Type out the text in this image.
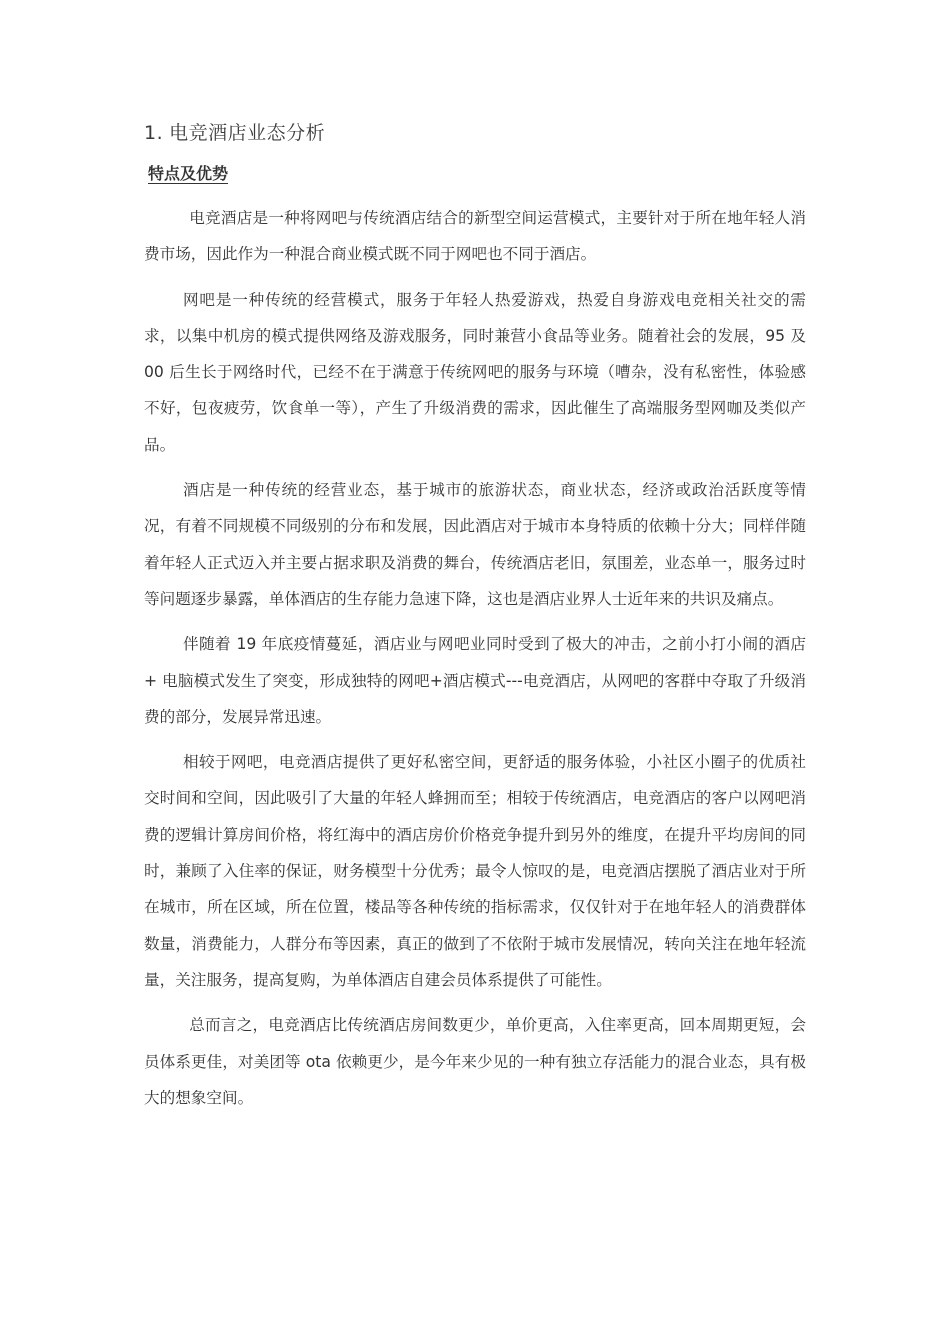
1. 电竞酒店业态分析
特点及优势

电竞酒店是一种将网吧与传统酒店结合的新型空间运营模式，主要针对于所在地年轻人消费市场，因此作为一种混合商业模式既不同于网吧也不同于酒店。

网吧是一种传统的经营模式，服务于年轻人热爱游戏，热爱自身游戏电竞相关社交的需求，以集中机房的模式提供网络及游戏服务，同时兼营小食品等业务。随着社会的发展，95 及 00 后生长于网络时代，已经不在于满意于传统网吧的服务与环境（嘈杂，没有私密性，体验感不好，包夜疲劳，饮食单一等），产生了升级消费的需求，因此催生了高端服务型网咖及类似产品。

酒店是一种传统的经营业态，基于城市的旅游状态，商业状态，经济或政治活跃度等情况，有着不同规模不同级别的分布和发展，因此酒店对于城市本身特质的依赖十分大；同样伴随着年轻人正式迈入并主要占据求职及消费的舞台，传统酒店老旧，氛围差，业态单一，服务过时等问题逐步暴露，单体酒店的生存能力急速下降，这也是酒店业界人士近年来的共识及痛点。

伴随着 19 年底疫情蔓延，酒店业与网吧业同时受到了极大的冲击，之前小打小闹的酒店 + 电脑模式发生了突变，形成独特的网吧+酒店模式---电竞酒店，从网吧的客群中夺取了升级消费的部分，发展异常迅速。

相较于网吧，电竞酒店提供了更好私密空间，更舒适的服务体验，小社区小圈子的优质社交时间和空间，因此吸引了大量的年轻人蜂拥而至；相较于传统酒店，电竞酒店的客户以网吧消费的逻辑计算房间价格，将红海中的酒店房价价格竞争提升到另外的维度，在提升平均房间的同时，兼顾了入住率的保证，财务模型十分优秀；最令人惊叹的是，电竞酒店摆脱了酒店业对于所在城市，所在区域，所在位置，楼品等各种传统的指标需求，仅仅针对于在地年轻人的消费群体数量，消费能力，人群分布等因素，真正的做到了不依附于城市发展情况，转向关注在地年轻流量，关注服务，提高复购，为单体酒店自建会员体系提供了可能性。

总而言之，电竞酒店比传统酒店房间数更少，单价更高，入住率更高，回本周期更短，会员体系更佳，对美团等 ota 依赖更少，是今年来少见的一种有独立存活能力的混合业态，具有极大的想象空间。
